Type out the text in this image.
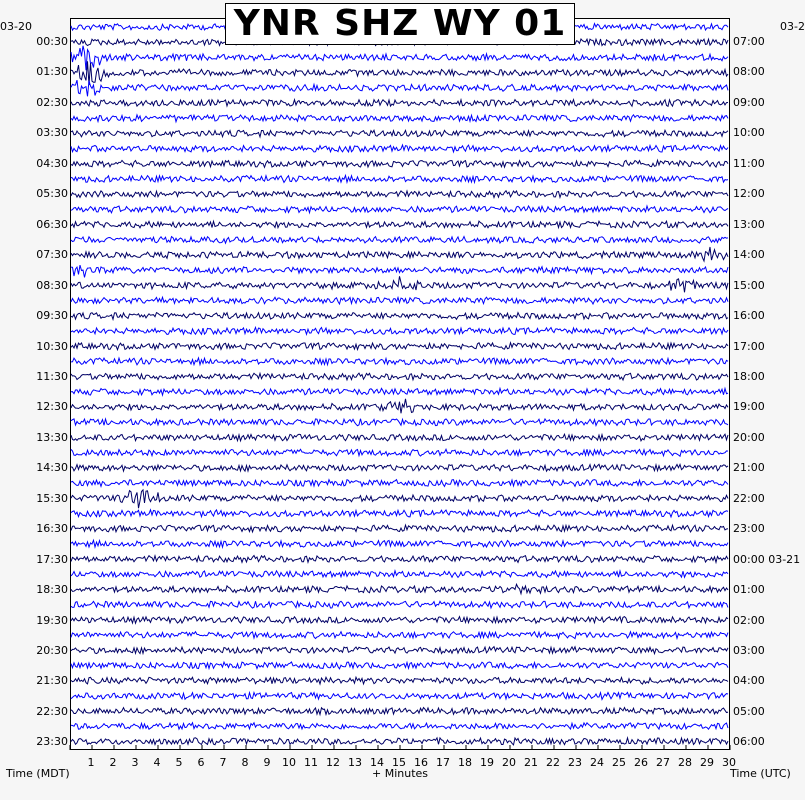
YNR SHZ WY 01
03-20	03-2
00:30
01:30
02:30
03:30
04:30
05:30
06:30
07:30
08:30
09:30
10:30
11:30
12:30
13:30
14:30
15:30
16:30
17:30
18:30
19:30
20:30
21:30
22:30
23:30
07:00
08:00
09:00
10:00
11:00
12:00
13:00
14:00
15:00
16:00
17:00
18:00
19:00
20:00
21:00
22:00
23:00
00:00 03-21
01:00
02:00
03:00
04:00
05:00
06:00
1 2 3 4 5 6 7 8 9 10 11 12 13 14 15 16 17 18 19 20 21 22 23 24 25 26 27 28 29 30
Time (MDT)	+ Minutes	Time (UTC)
